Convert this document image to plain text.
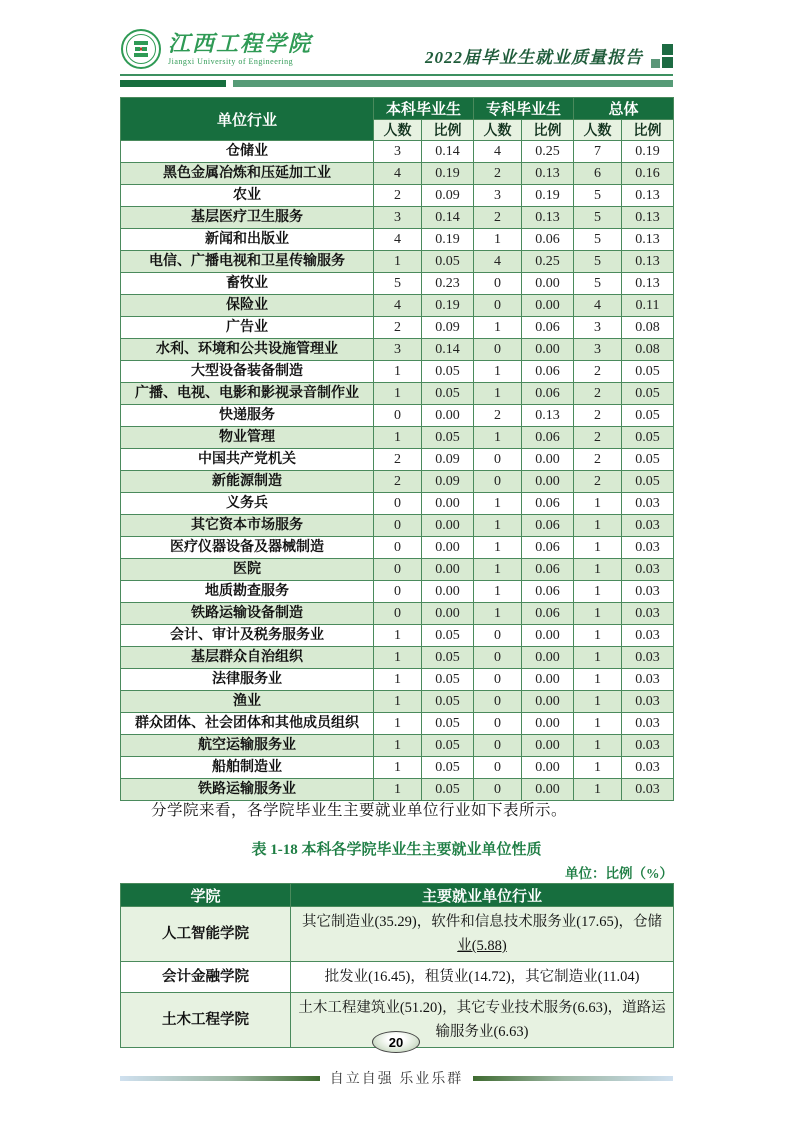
江西工程学院
Jiangxi University of Engineering	2022届毕业生就业质量报告
单位行业	本科毕业生		专科毕业生		总体	
	人数	比例	人数	比例	人数	比例
仓储业	3	0.14	4	0.25	7	0.19
黑色金属冶炼和压延加工业	4	0.19	2	0.13	6	0.16
农业	2	0.09	3	0.19	5	0.13
基层医疗卫生服务	3	0.14	2	0.13	5	0.13
新闻和出版业	4	0.19	1	0.06	5	0.13
电信、广播电视和卫星传输服务	1	0.05	4	0.25	5	0.13
畜牧业	5	0.23	0	0.00	5	0.13
保险业	4	0.19	0	0.00	4	0.11
广告业	2	0.09	1	0.06	3	0.08
水利、环境和公共设施管理业	3	0.14	0	0.00	3	0.08
大型设备装备制造	1	0.05	1	0.06	2	0.05
广播、电视、电影和影视录音制作业	1	0.05	1	0.06	2	0.05
快递服务	0	0.00	2	0.13	2	0.05
物业管理	1	0.05	1	0.06	2	0.05
中国共产党机关	2	0.09	0	0.00	2	0.05
新能源制造	2	0.09	0	0.00	2	0.05
义务兵	0	0.00	1	0.06	1	0.03
其它资本市场服务	0	0.00	1	0.06	1	0.03
医疗仪器设备及器械制造	0	0.00	1	0.06	1	0.03
医院	0	0.00	1	0.06	1	0.03
地质勘查服务	0	0.00	1	0.06	1	0.03
铁路运输设备制造	0	0.00	1	0.06	1	0.03
会计、审计及税务服务业	1	0.05	0	0.00	1	0.03
基层群众自治组织	1	0.05	0	0.00	1	0.03
法律服务业	1	0.05	0	0.00	1	0.03
渔业	1	0.05	0	0.00	1	0.03
群众团体、社会团体和其他成员组织	1	0.05	0	0.00	1	0.03
航空运输服务业	1	0.05	0	0.00	1	0.03
船舶制造业	1	0.05	0	0.00	1	0.03
铁路运输服务业	1	0.05	0	0.00	1	0.03

分学院来看，各学院毕业生主要就业单位行业如下表所示。

表 1-18 本科各学院毕业生主要就业单位性质
单位：比例（%）
学院	主要就业单位行业
人工智能学院	其它制造业(35.29)，软件和信息技术服务业(17.65)，仓储业(5.88)
会计金融学院	批发业(16.45)，租赁业(14.72)，其它制造业(11.04)
土木工程学院	土木工程建筑业(51.20)，其它专业技术服务(6.63)，道路运输服务业(6.63)
20
自立自强 乐业乐群
